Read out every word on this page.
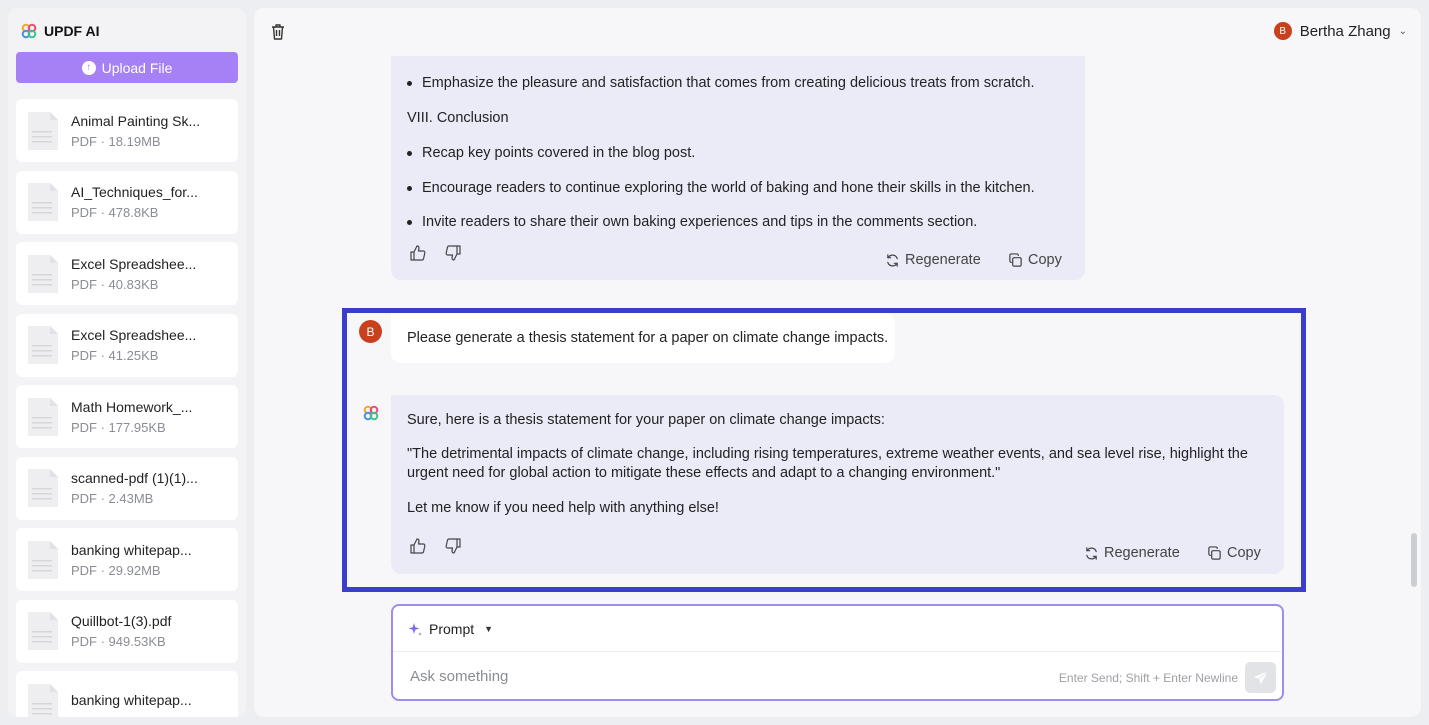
UPDF AI
↑ Upload File
Animal Painting Sk...
PDF · 18.19MB
AI_Techniques_for...
PDF · 478.8KB
Excel Spreadshee...
PDF · 40.83KB
Excel Spreadshee...
PDF · 41.25KB
Math Homework_...
PDF · 177.95KB
scanned-pdf (1)(1)...
PDF · 2.43MB
banking whitepap...
PDF · 29.92MB
Quillbot-1(3).pdf
PDF · 949.53KB
banking whitepap...
B Bertha Zhang ⌄
Emphasize the pleasure and satisfaction that comes from creating delicious treats from scratch.
VIII. Conclusion
Recap key points covered in the blog post.
Encourage readers to continue exploring the world of baking and hone their skills in the kitchen.
Invite readers to share their own baking experiences and tips in the comments section.
Regenerate	Copy
B	Please generate a thesis statement for a paper on climate change impacts.
Sure, here is a thesis statement for your paper on climate change impacts:
"The detrimental impacts of climate change, including rising temperatures, extreme weather events, and sea level rise, highlight the urgent need for global action to mitigate these effects and adapt to a changing environment."
Let me know if you need help with anything else!
Regenerate	Copy
Prompt ▼
Ask something
Enter Send; Shift + Enter Newline
